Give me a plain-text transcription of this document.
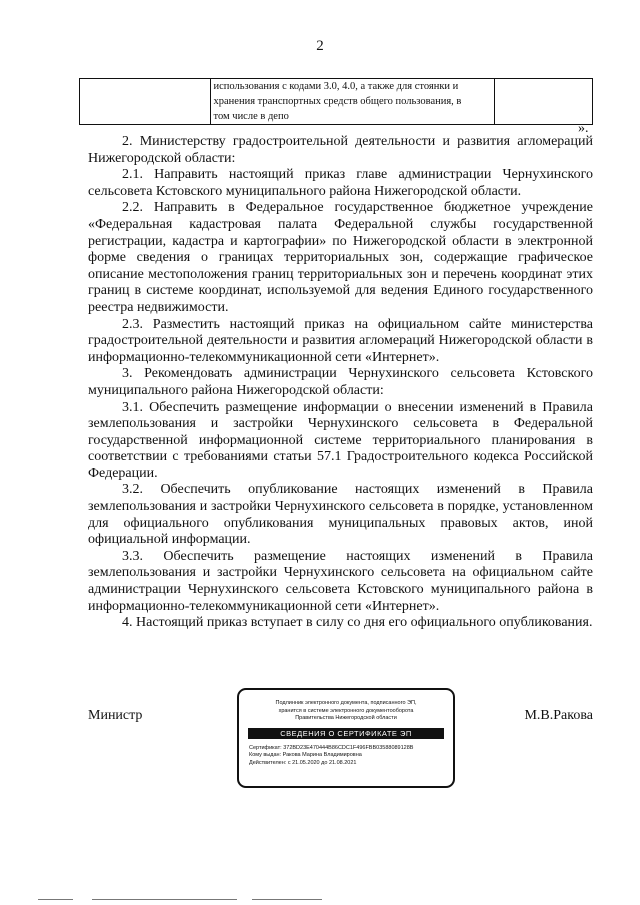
2

использования с кодами 3.0, 4.0, а также для стоянки и
хранения транспортных средств общего пользования, в
том числе в депо

».

2. Министерству градостроительной деятельности и развития агломераций Нижегородской области:

2.1. Направить настоящий приказ главе администрации Чернухинского сельсовета Кстовского муниципального района Нижегородской области.

2.2. Направить в Федеральное государственное бюджетное учреждение «Федеральная кадастровая палата Федеральной службы государственной регистрации, кадастра и картографии» по Нижегородской области в электронной форме сведения о границах территориальных зон, содержащие графическое описание местоположения границ территориальных зон и перечень координат этих границ в системе координат, используемой для ведения Единого государственного реестра недвижимости.

2.3. Разместить настоящий приказ на официальном сайте министерства градостроительной деятельности и развития агломераций Нижегородской области в информационно-телекоммуникационной сети «Интернет».

3. Рекомендовать администрации Чернухинского сельсовета Кстовского муниципального района Нижегородской области:

3.1. Обеспечить размещение информации о внесении изменений в Правила землепользования и застройки Чернухинского сельсовета в Федеральной государственной информационной системе территориального планирования в соответствии с требованиями статьи 57.1 Градостроительного кодекса Российской Федерации.

3.2. Обеспечить опубликование настоящих изменений в Правила землепользования и застройки Чернухинского сельсовета в порядке, установленном для официального опубликования муниципальных правовых актов, иной официальной информации.

3.3. Обеспечить размещение настоящих изменений в Правила землепользования и застройки Чернухинского сельсовета на официальном сайте администрации Чернухинского сельсовета Кстовского муниципального района в информационно-телекоммуникационной сети «Интернет».

4. Настоящий приказ вступает в силу со дня его официального опубликования.

Министр	М.В.Ракова
Подлинник электронного документа, подписанного ЭП,
хранится в системе электронного документооборота
Правительства Нижегородской области
СВЕДЕНИЯ О СЕРТИФИКАТЕ ЭП
Сертификат: 372BD23E470444B86CDC1F496FBB03588089128B
Кому выдан: Ракова Марина Владимировна
Действителен: с 21.05.2020 до 21.08.2021
